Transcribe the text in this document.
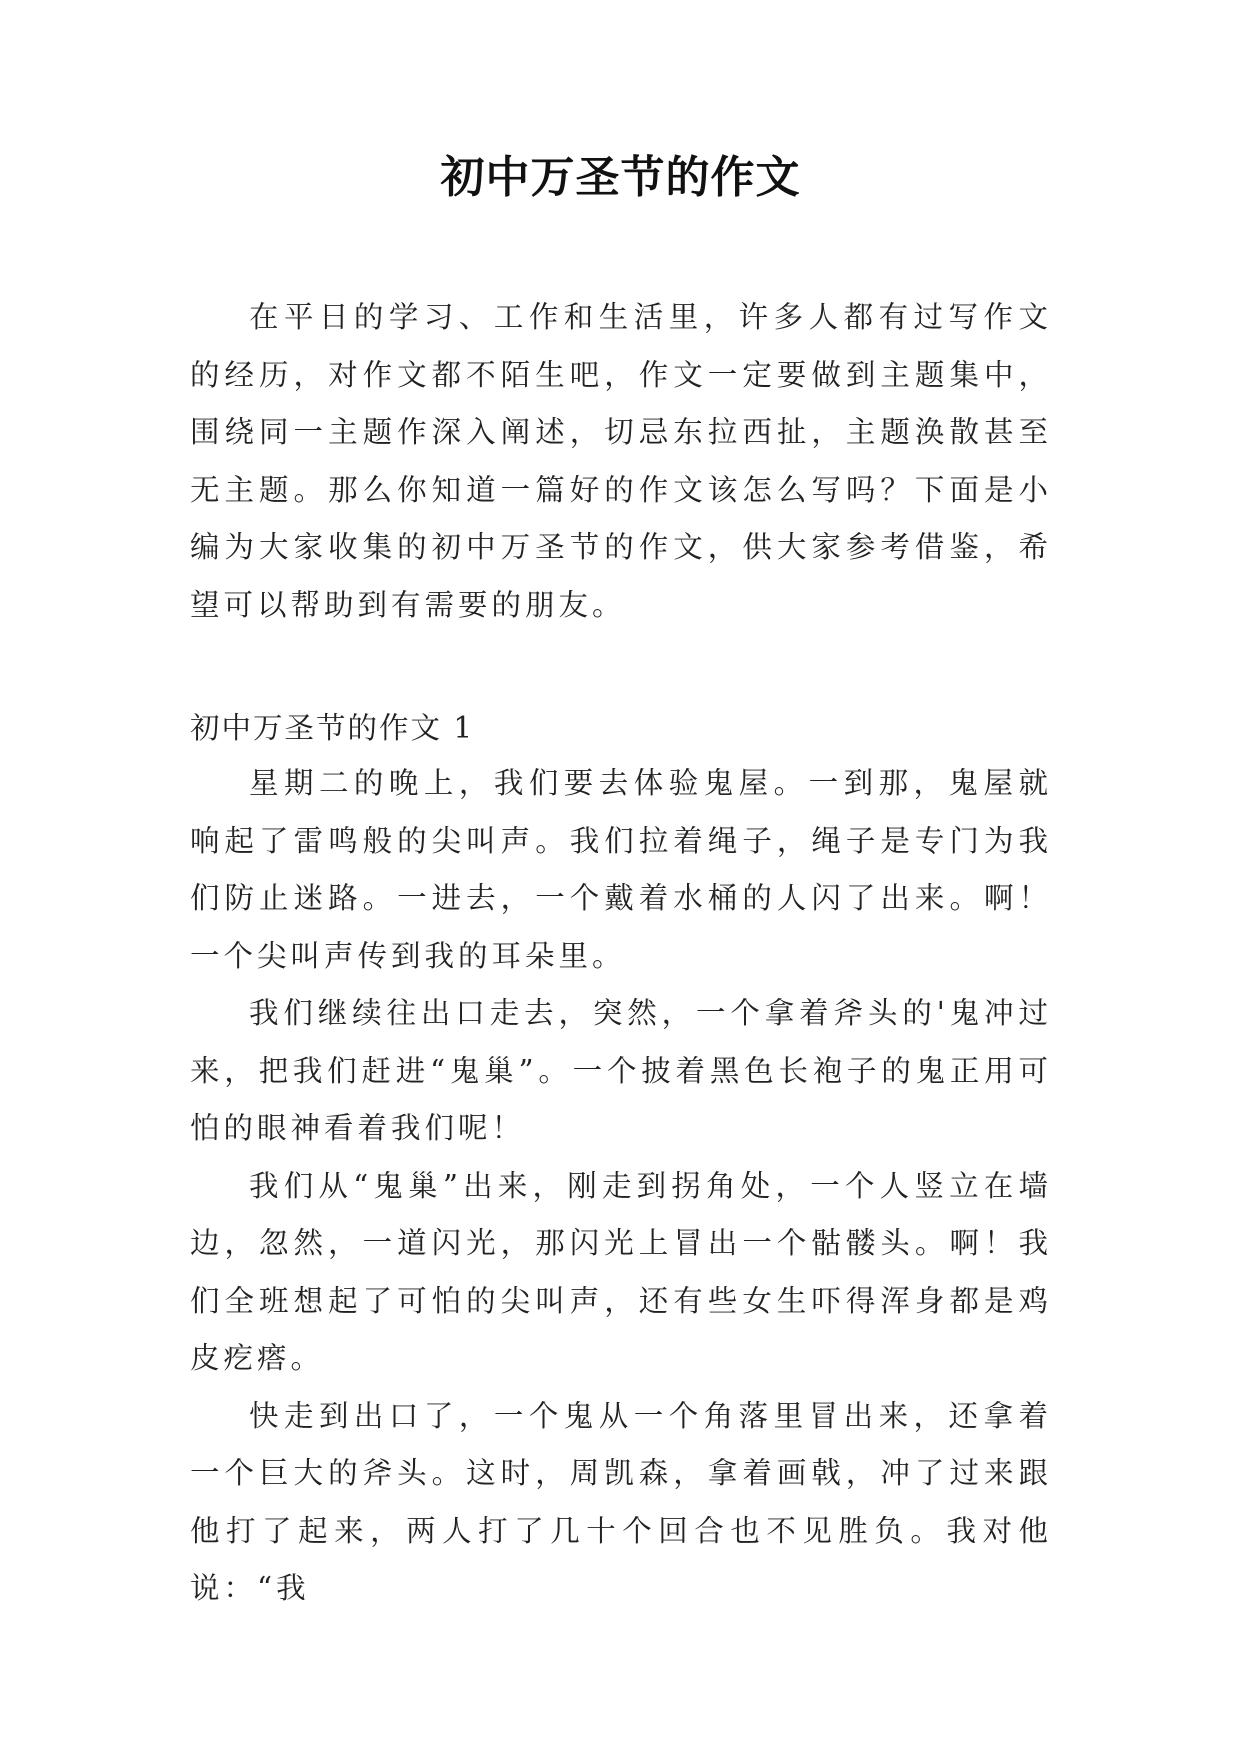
初中万圣节的作文

在平日的学习、工作和生活里，许多人都有过写作文的经历，对作文都不陌生吧，作文一定要做到主题集中，围绕同一主题作深入阐述，切忌东拉西扯，主题涣散甚至无主题。那么你知道一篇好的作文该怎么写吗？下面是小编为大家收集的初中万圣节的作文，供大家参考借鉴，希望可以帮助到有需要的朋友。

初中万圣节的作文 1

星期二的晚上，我们要去体验鬼屋。一到那，鬼屋就响起了雷鸣般的尖叫声。我们拉着绳子，绳子是专门为我们防止迷路。一进去，一个戴着水桶的人闪了出来。啊！一个尖叫声传到我的耳朵里。

我们继续往出口走去，突然，一个拿着斧头的'鬼冲过来，把我们赶进“鬼巢”。一个披着黑色长袍子的鬼正用可怕的眼神看着我们呢！

我们从“鬼巢”出来，刚走到拐角处，一个人竖立在墙边，忽然，一道闪光，那闪光上冒出一个骷髅头。啊！我们全班想起了可怕的尖叫声，还有些女生吓得浑身都是鸡皮疙瘩。

快走到出口了，一个鬼从一个角落里冒出来，还拿着一个巨大的斧头。这时，周凯森，拿着画戟，冲了过来跟他打了起来，两人打了几十个回合也不见胜负。我对他说：“我
